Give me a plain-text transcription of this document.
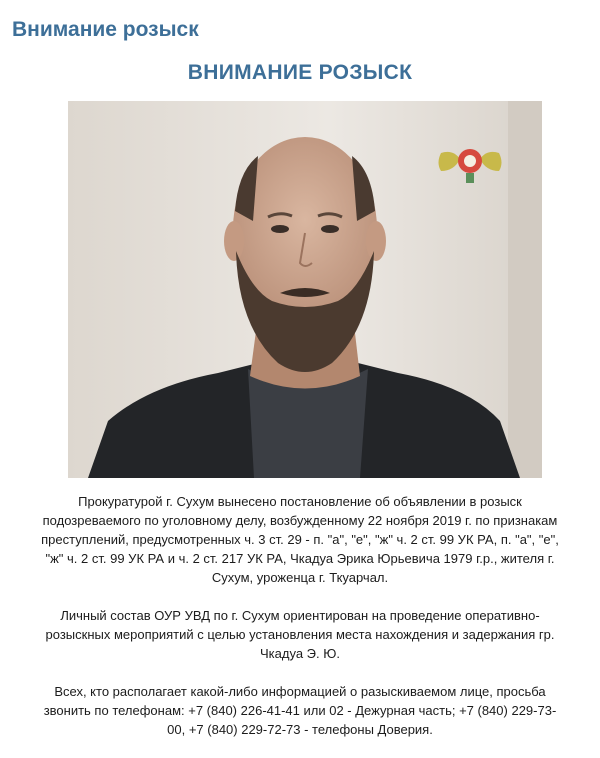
Внимание розыск
ВНИМАНИЕ РОЗЫСК

Прокуратурой г. Сухум вынесено постановление об объявлении в розыск подозреваемого по уголовному делу, возбужденному 22 ноября 2019 г. по признакам преступлений, предусмотренных ч. 3 ст. 29 - п. "а", "е", "ж" ч. 2 ст. 99 УК РА, п. "а", "е", "ж" ч. 2 ст. 99 УК РА и ч. 2 ст. 217 УК РА, Чкадуа Эрика Юрьевича 1979 г.р., жителя г. Сухум, уроженца г. Ткуарчал.

Личный состав ОУР УВД по г. Сухум ориентирован на проведение оперативно-розыскных мероприятий с целью установления места нахождения и задержания гр. Чкадуа Э. Ю.

Всех, кто располагает какой-либо информацией о разыскиваемом лице, просьба звонить по телефонам: +7 (840) 226-41-41 или 02 - Дежурная часть; +7 (840) 229-73-00, +7 (840) 229-72-73 - телефоны Доверия.
